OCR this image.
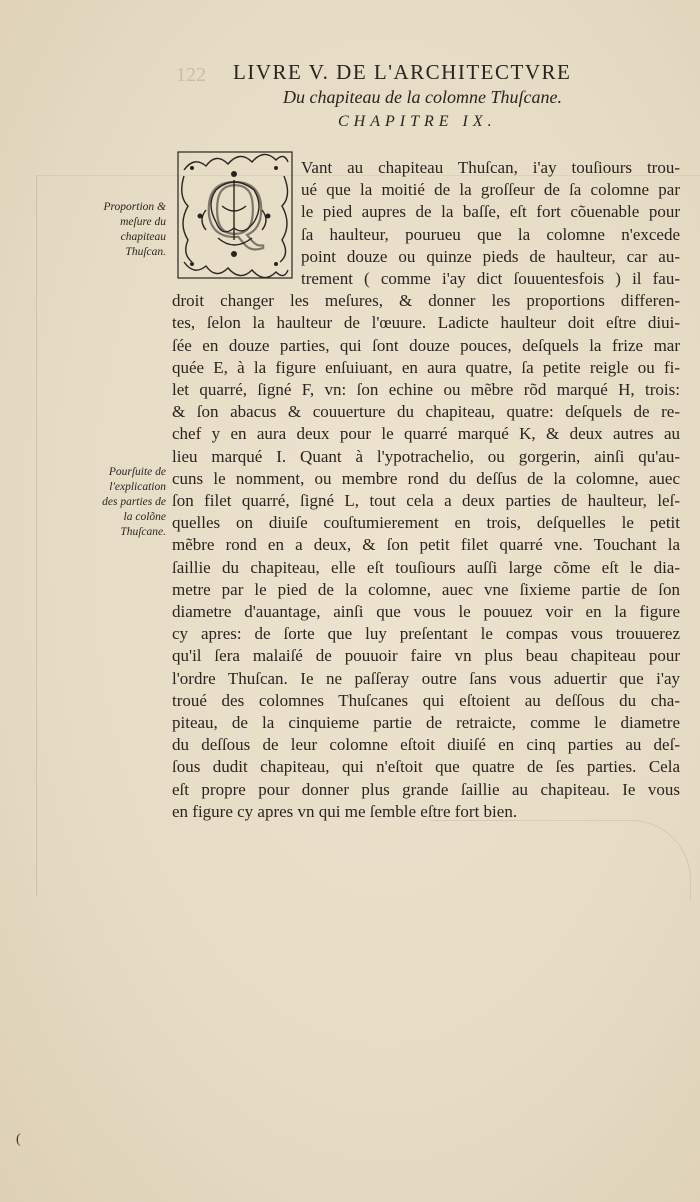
122 LIVRE V. DE L'ARCHITECTVRE
Du chapiteau de la colomne Thuſcane.
CHAPITRE IX.
Q
Proportion & meſure du chapiteau Thuſcan.
Pourſuite de l'explication des parties de la colõne Thuſcane.
Vant au chapiteau Thuſcan, i'ay touſiours trou-
ué que la moitié de la groſſeur de ſa colomne par
le pied aupres de la baſſe, eſt fort cõuenable pour
ſa haulteur, pourueu que la colomne n'excede
point douze ou quinze pieds de haulteur, car au-
trement ( comme i'ay dict ſouuentesfois ) il fau-
droit changer les meſures, & donner les proportions differen-
tes, ſelon la haulteur de l'œuure. Ladicte haulteur doit eſtre diui-
ſée en douze parties, qui ſont douze pouces, deſquels la frize mar
quée E, à la figure enſuiuant, en aura quatre, ſa petite reigle ou fi-
let quarré, ſigné F, vn: ſon echine ou mẽbre rõd marqué H, trois:
& ſon abacus & couuerture du chapiteau, quatre: deſquels de re-
chef y en aura deux pour le quarré marqué K, & deux autres au
lieu marqué I. Quant à l'ypotrachelio, ou gorgerin, ainſi qu'au-
cuns le nomment, ou membre rond du deſſus de la colomne, auec
ſon filet quarré, ſigné L, tout cela a deux parties de haulteur, leſ-
quelles on diuiſe couſtumierement en trois, deſquelles le petit
mẽbre rond en a deux, & ſon petit filet quarré vne. Touchant la
ſaillie du chapiteau, elle eſt touſiours auſſi large cõme eſt le dia-
metre par le pied de la colomne, auec vne ſixieme partie de ſon
diametre d'auantage, ainſi que vous le pouuez voir en la figure
cy apres: de ſorte que luy preſentant le compas vous trouuerez
qu'il ſera malaiſé de pouuoir faire vn plus beau chapiteau pour
l'ordre Thuſcan. Ie ne paſſeray outre ſans vous aduertir que i'ay
troué des colomnes Thuſcanes qui eſtoient au deſſous du cha-
piteau, de la cinquieme partie de retraicte, comme le diametre
du deſſous de leur colomne eſtoit diuiſé en cinq parties au deſ-
ſous dudit chapiteau, qui n'eſtoit que quatre de ſes parties. Cela
eſt propre pour donner plus grande ſaillie au chapiteau. Ie vous
en figure cy apres vn qui me ſemble eſtre fort bien.
(
